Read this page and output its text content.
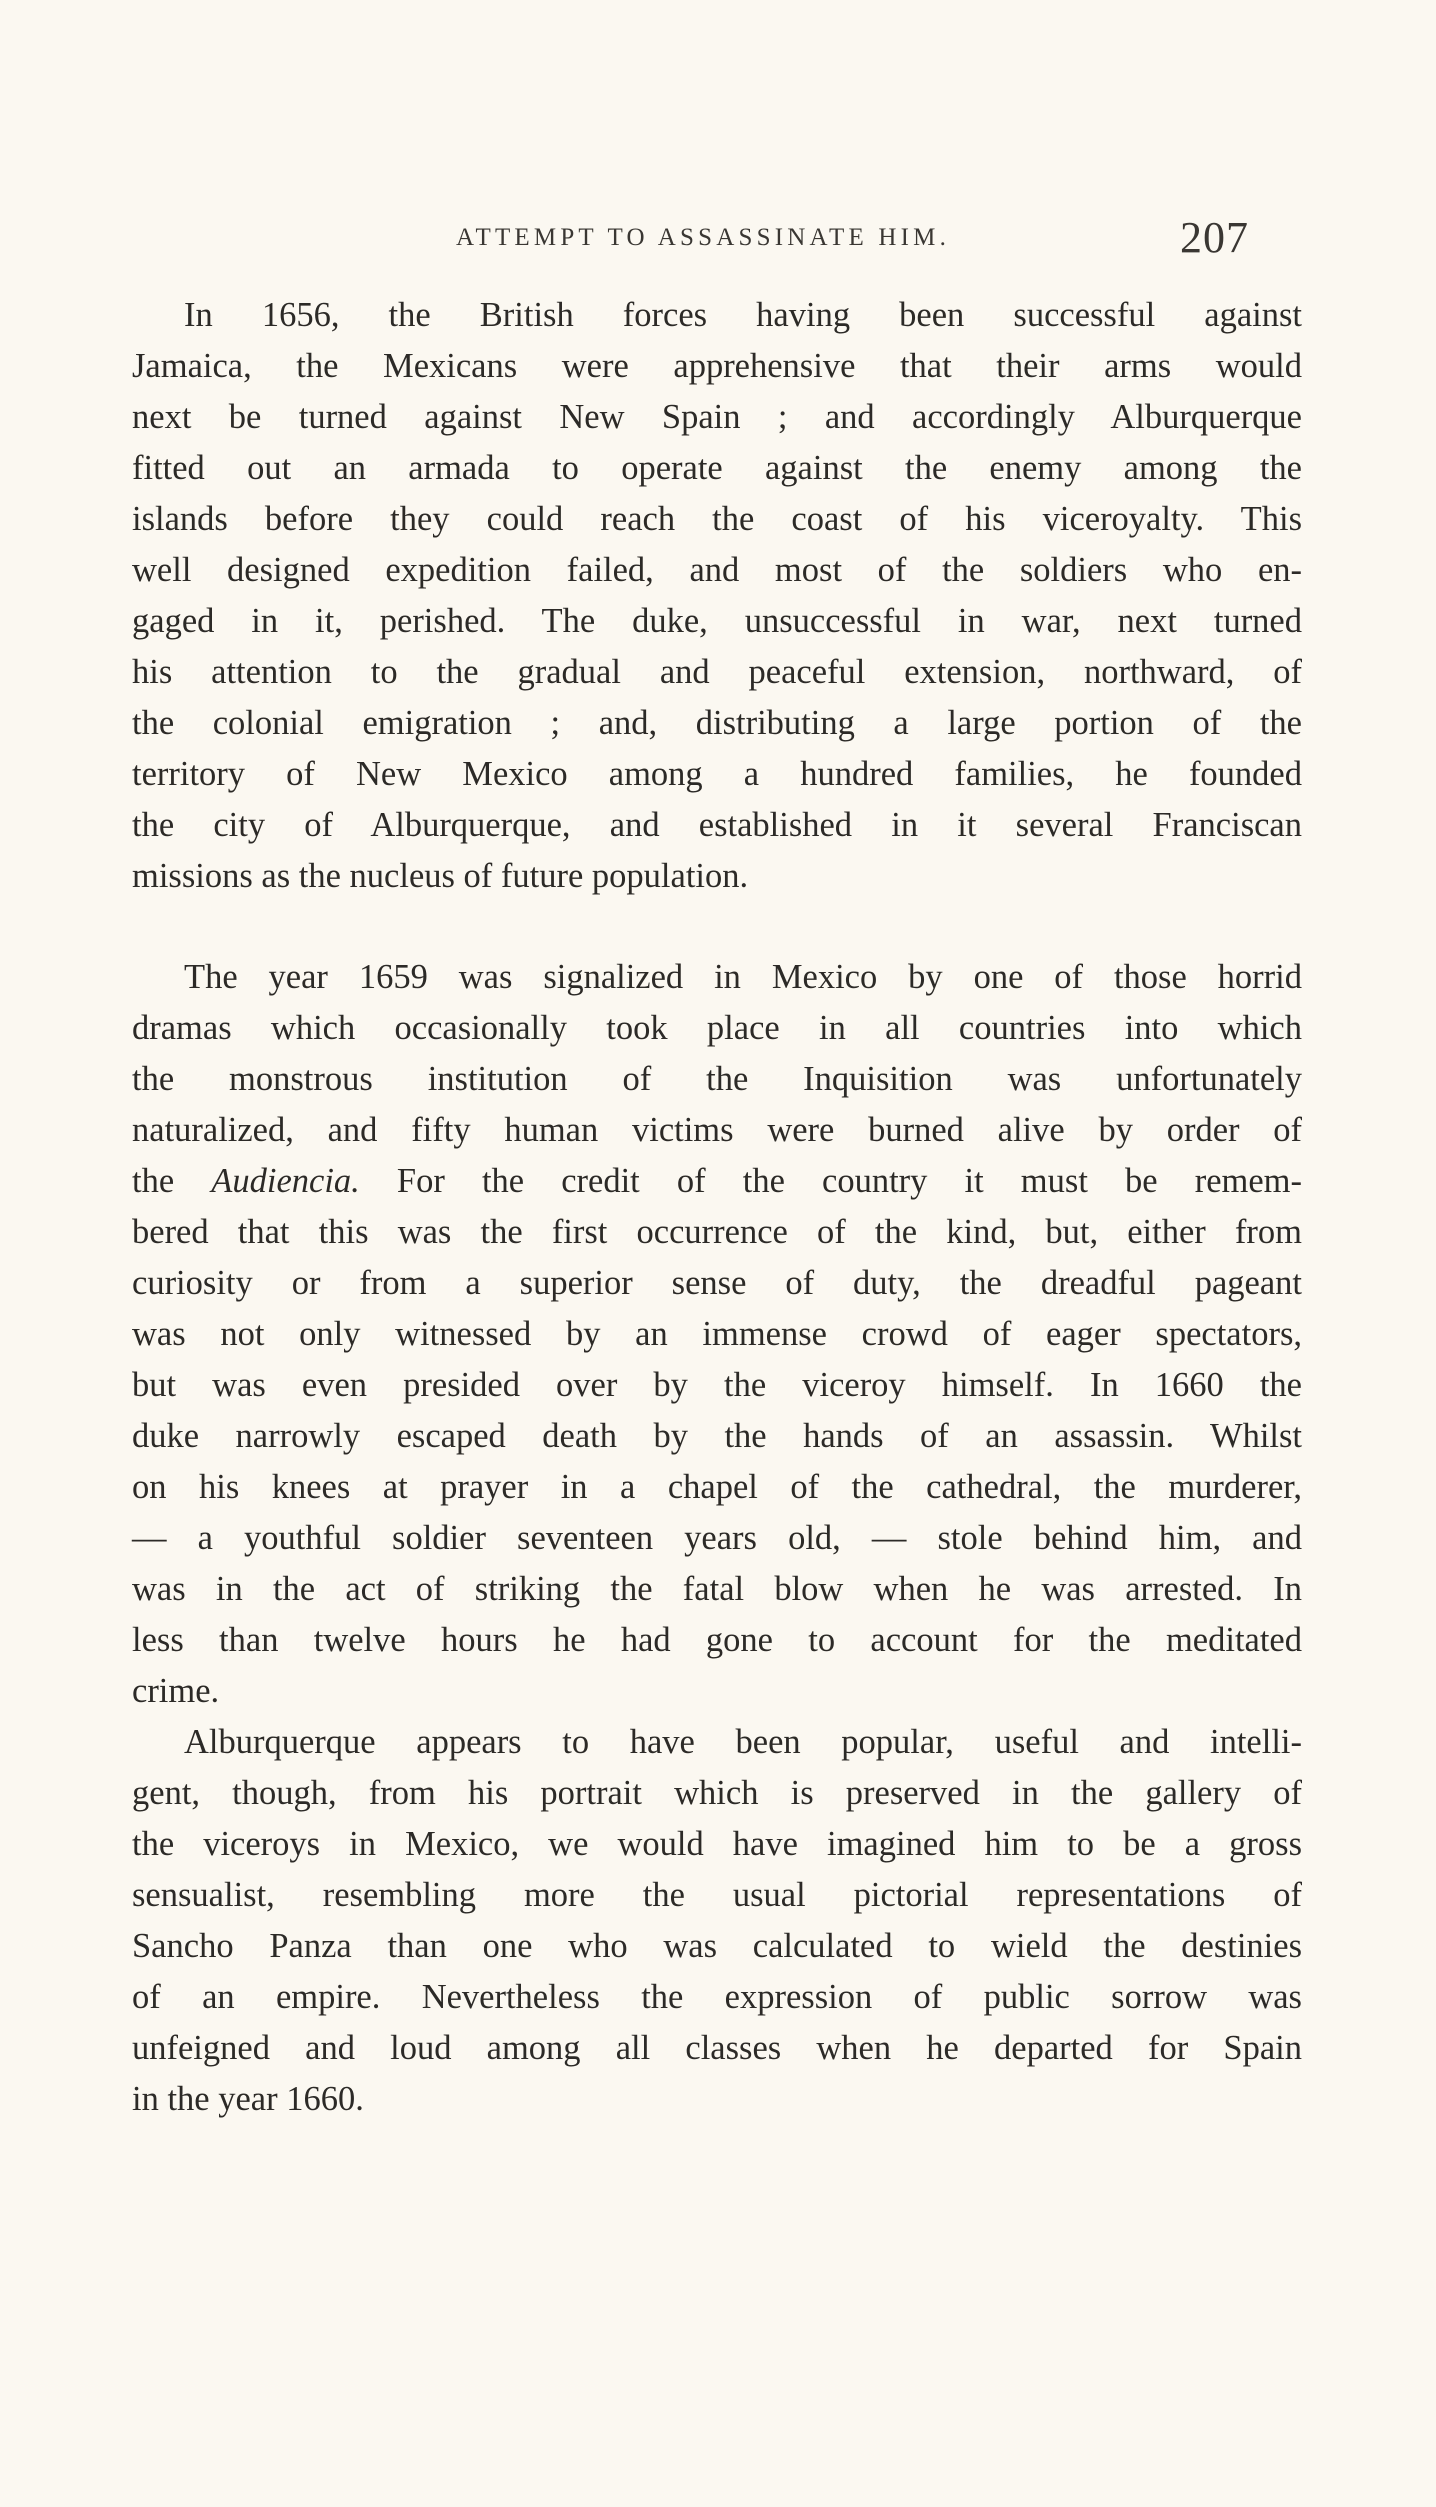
ATTEMPT TO ASSASSINATE HIM.	207
In 1656, the British forces having been successful against
Jamaica, the Mexicans were apprehensive that their arms would
next be turned against New Spain ; and accordingly Alburquerque
fitted out an armada to operate against the enemy among the
islands before they could reach the coast of his viceroyalty. This
well designed expedition failed, and most of the soldiers who en-
gaged in it, perished. The duke, unsuccessful in war, next turned
his attention to the gradual and peaceful extension, northward, of
the colonial emigration ; and, distributing a large portion of the
territory of New Mexico among a hundred families, he founded
the city of Alburquerque, and established in it several Franciscan
missions as the nucleus of future population.
The year 1659 was signalized in Mexico by one of those horrid
dramas which occasionally took place in all countries into which
the monstrous institution of the Inquisition was unfortunately
naturalized, and fifty human victims were burned alive by order of
the Audiencia. For the credit of the country it must be remem-
bered that this was the first occurrence of the kind, but, either from
curiosity or from a superior sense of duty, the dreadful pageant
was not only witnessed by an immense crowd of eager spectators,
but was even presided over by the viceroy himself. In 1660 the
duke narrowly escaped death by the hands of an assassin. Whilst
on his knees at prayer in a chapel of the cathedral, the murderer,
— a youthful soldier seventeen years old, — stole behind him, and
was in the act of striking the fatal blow when he was arrested. In
less than twelve hours he had gone to account for the meditated
crime.
Alburquerque appears to have been popular, useful and intelli-
gent, though, from his portrait which is preserved in the gallery of
the viceroys in Mexico, we would have imagined him to be a gross
sensualist, resembling more the usual pictorial representations of
Sancho Panza than one who was calculated to wield the destinies
of an empire. Nevertheless the expression of public sorrow was
unfeigned and loud among all classes when he departed for Spain
in the year 1660.
